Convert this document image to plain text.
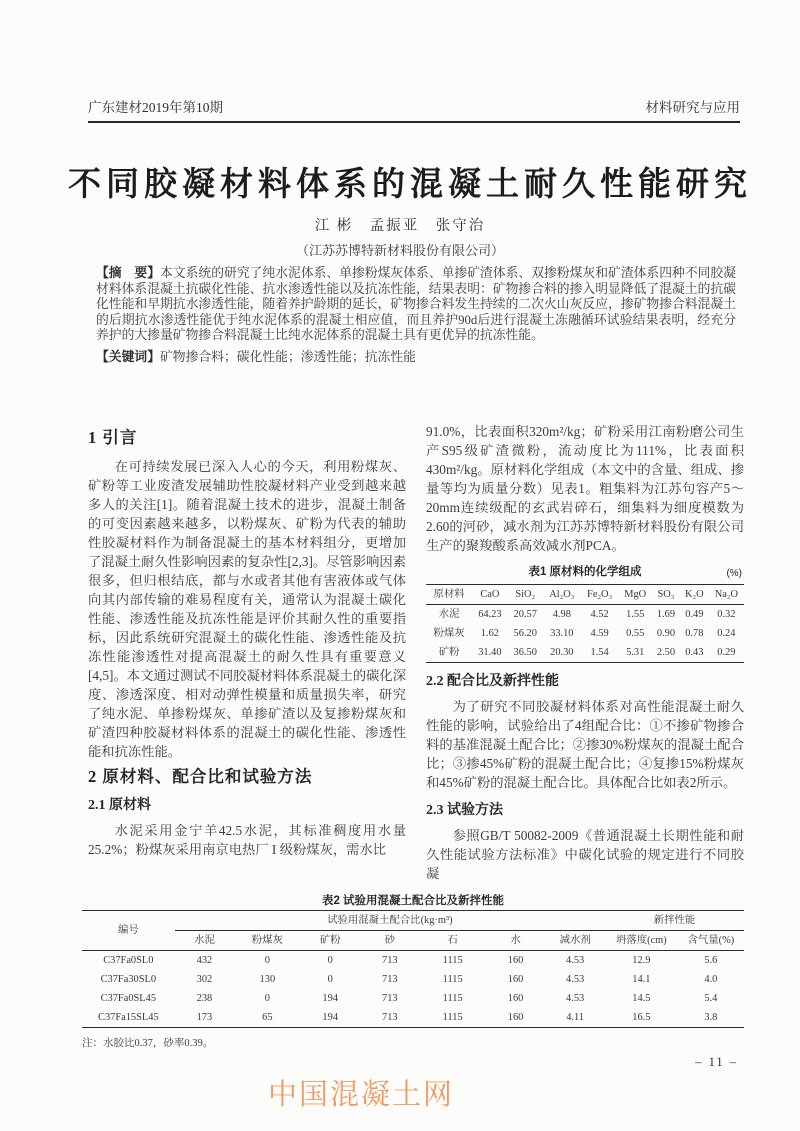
广东建材2019年第10期	材料研究与应用
不同胶凝材料体系的混凝土耐久性能研究
江 彬　孟振亚　张守治
（江苏苏博特新材料股份有限公司）
【摘　要】本文系统的研究了纯水泥体系、单掺粉煤灰体系、单掺矿渣体系、双掺粉煤灰和矿渣体系四种不同胶凝材料体系混凝土抗碳化性能、抗水渗透性能以及抗冻性能，结果表明：矿物掺合料的掺入明显降低了混凝土的抗碳化性能和早期抗水渗透性能，随着养护龄期的延长，矿物掺合料发生持续的二次火山灰反应，掺矿物掺合料混凝土的后期抗水渗透性能优于纯水泥体系的混凝土相应值，而且养护90d后进行混凝土冻融循环试验结果表明，经充分养护的大掺量矿物掺合料混凝土比纯水泥体系的混凝土具有更优异的抗冻性能。
【关键词】矿物掺合料；碳化性能；渗透性能；抗冻性能
1 引言

在可持续发展已深入人心的今天，利用粉煤灰、矿粉等工业废渣发展辅助性胶凝材料产业受到越来越多人的关注[1]。随着混凝土技术的进步，混凝土制备的可变因素越来越多，以粉煤灰、矿粉为代表的辅助性胶凝材料作为制备混凝土的基本材料组分，更增加了混凝土耐久性影响因素的复杂性[2,3]。尽管影响因素很多，但归根结底，都与水或者其他有害液体或气体向其内部传输的难易程度有关，通常认为混凝土碳化性能、渗透性能及抗冻性能是评价其耐久性的重要指标，因此系统研究混凝土的碳化性能、渗透性能及抗冻性能渗透性对提高混凝土的耐久性具有重要意义[4,5]。本文通过测试不同胶凝材料体系混凝土的碳化深度、渗透深度、相对动弹性模量和质量损失率，研究了纯水泥、单掺粉煤灰、单掺矿渣以及复掺粉煤灰和矿渣四种胶凝材料体系的混凝土的碳化性能、渗透性能和抗冻性能。

2 原材料、配合比和试验方法
2.1 原材料

水泥采用金宁羊42.5水泥，其标准稠度用水量25.2%；粉煤灰采用南京电热厂 I 级粉煤灰，需水比

91.0%，比表面积320m²/kg；矿粉采用江南粉磨公司生产S95级矿渣微粉，流动度比为111%，比表面积430m²/kg。原材料化学组成（本文中的含量、组成、掺量等均为质量分数）见表1。粗集料为江苏句容产5～20mm连续级配的玄武岩碎石，细集料为细度模数为2.60的河砂，减水剂为江苏苏博特新材料股份有限公司生产的聚羧酸系高效减水剂PCA。

表1 原材料的化学组成	(%)
原材料	CaO	SiO₂	Al₂O₃	Fe₂O₃	MgO	SO₃	K₂O	Na₂O
水泥	64.23	20.57	4.98	4.52	1.55	1.69	0.49	0.32
粉煤灰	1.62	56.20	33.10	4.59	0.55	0.90	0.78	0.24
矿粉	31.40	36.50	20.30	1.54	5.31	2.50	0.43	0.29
2.2 配合比及新拌性能

为了研究不同胶凝材料体系对高性能混凝土耐久性能的影响，试验给出了4组配合比：①不掺矿物掺合料的基准混凝土配合比；②掺30%粉煤灰的混凝土配合比；③掺45%矿粉的混凝土配合比；④复掺15%粉煤灰和45%矿粉的混凝土配合比。具体配合比如表2所示。

2.3 试验方法

参照GB/T 50082-2009《普通混凝土长期性能和耐久性能试验方法标准》中碳化试验的规定进行不同胶凝

表2 试验用混凝土配合比及新拌性能
编号	试验用混凝土配合比(kg·m³)							新拌性能	
	水泥	粉煤灰	矿粉	砂	石	水	减水剂	坍落度(cm)	含气量(%)
C37Fa0SL0	432	0	0	713	1115	160	4.53	12.9	5.6
C37Fa30SL0	302	130	0	713	1115	160	4.53	14.1	4.0
C37Fa0SL45	238	0	194	713	1115	160	4.53	14.5	5.4
C37Fa15SL45	173	65	194	713	1115	160	4.11	16.5	3.8
注：水胶比0.37，砂率0.39。
– 11 –
中国混凝土网
